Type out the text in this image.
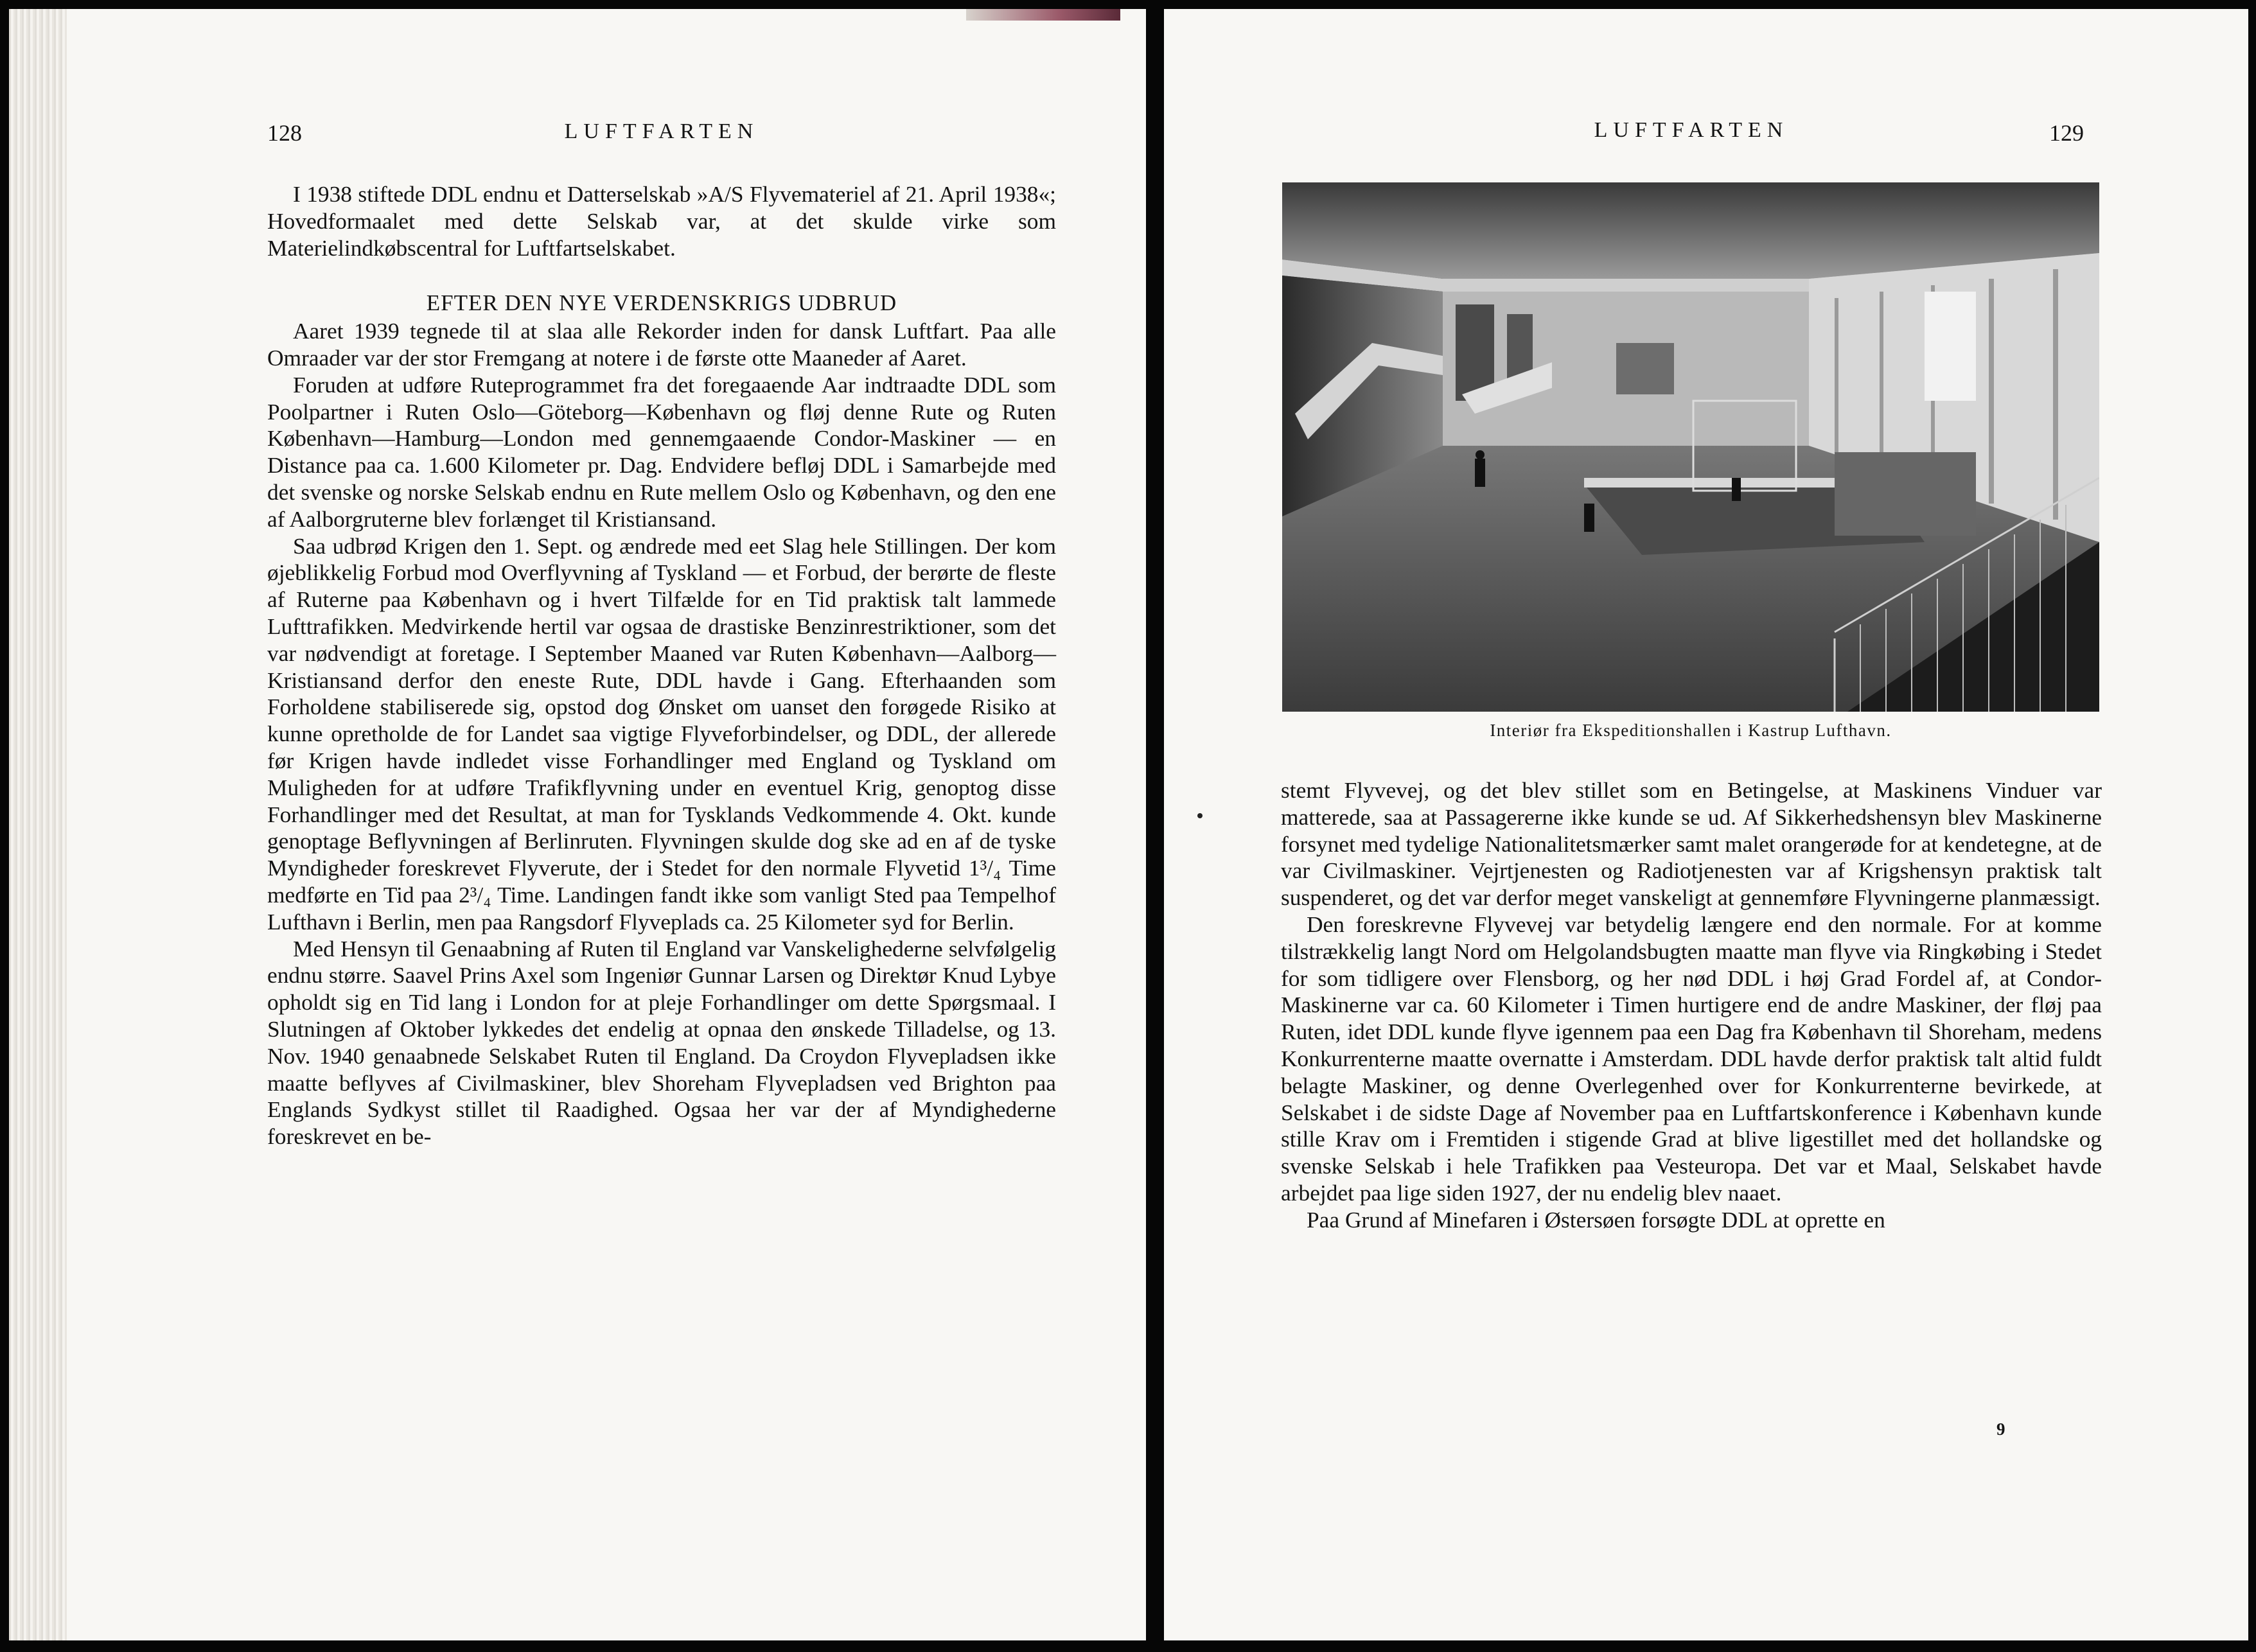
128	LUFTFARTEN

I 1938 stiftede DDL endnu et Datterselskab »A/S Flyvemateriel af 21. April 1938«; Hovedformaalet med dette Selskab var, at det skulde virke som Materielindkøbscentral for Luftfartselskabet.

EFTER DEN NYE VERDENSKRIGS UDBRUD

Aaret 1939 tegnede til at slaa alle Rekorder inden for dansk Luftfart. Paa alle Omraader var der stor Fremgang at notere i de første otte Maaneder af Aaret.

Foruden at udføre Ruteprogrammet fra det foregaaende Aar indtraadte DDL som Poolpartner i Ruten Oslo—Göteborg—København og fløj denne Rute og Ruten København—Hamburg—London med gennemgaaende Condor-Maskiner — en Distance paa ca. 1.600 Kilometer pr. Dag. Endvidere befløj DDL i Samarbejde med det svenske og norske Selskab endnu en Rute mellem Oslo og København, og den ene af Aalborgruterne blev forlænget til Kristiansand.

Saa udbrød Krigen den 1. Sept. og ændrede med eet Slag hele Stillingen. Der kom øjeblikkelig Forbud mod Overflyvning af Tyskland — et Forbud, der berørte de fleste af Ruterne paa København og i hvert Tilfælde for en Tid praktisk talt lammede Lufttrafikken. Medvirkende hertil var ogsaa de drastiske Benzinrestriktioner, som det var nødvendigt at foretage. I September Maaned var Ruten København—Aalborg—Kristiansand derfor den eneste Rute, DDL havde i Gang. Efterhaanden som Forholdene stabiliserede sig, opstod dog Ønsket om uanset den forøgede Risiko at kunne opretholde de for Landet saa vigtige Flyveforbindelser, og DDL, der allerede før Krigen havde indledet visse Forhandlinger med England og Tyskland om Muligheden for at udføre Trafikflyvning under en eventuel Krig, genoptog disse Forhandlinger med det Resultat, at man for Tysklands Vedkommende 4. Okt. kunde genoptage Beflyvningen af Berlinruten. Flyvningen skulde dog ske ad en af de tyske Myndigheder foreskrevet Flyverute, der i Stedet for den normale Flyvetid 1³/₄ Time medførte en Tid paa 2³/₄ Time. Landingen fandt ikke som vanligt Sted paa Tempelhof Lufthavn i Berlin, men paa Rangsdorf Flyveplads ca. 25 Kilometer syd for Berlin.

Med Hensyn til Genaabning af Ruten til England var Vanskelighederne selvfølgelig endnu større. Saavel Prins Axel som Ingeniør Gunnar Larsen og Direktør Knud Lybye opholdt sig en Tid lang i London for at pleje Forhandlinger om dette Spørgsmaal. I Slutningen af Oktober lykkedes det endelig at opnaa den ønskede Tilladelse, og 13. Nov. 1940 genaabnede Selskabet Ruten til England. Da Croydon Flyvepladsen ikke maatte beflyves af Civilmaskiner, blev Shoreham Flyvepladsen ved Brighton paa Englands Sydkyst stillet til Raadighed. Ogsaa her var der af Myndighederne foreskrevet en be-

LUFTFARTEN	129
Interiør fra Ekspeditionshallen i Kastrup Lufthavn.

stemt Flyvevej, og det blev stillet som en Betingelse, at Maskinens Vinduer var matterede, saa at Passagererne ikke kunde se ud. Af Sikkerhedshensyn blev Maskinerne forsynet med tydelige Nationalitetsmærker samt malet orangerøde for at kendetegne, at de var Civilmaskiner. Vejrtjenesten og Radiotjenesten var af Krigshensyn praktisk talt suspenderet, og det var derfor meget vanskeligt at gennemføre Flyvningerne planmæssigt.

Den foreskrevne Flyvevej var betydelig længere end den normale. For at komme tilstrækkelig langt Nord om Helgolandsbugten maatte man flyve via Ringkøbing i Stedet for som tidligere over Flensborg, og her nød DDL i høj Grad Fordel af, at Condor-Maskinerne var ca. 60 Kilometer i Timen hurtigere end de andre Maskiner, der fløj paa Ruten, idet DDL kunde flyve igennem paa een Dag fra København til Shoreham, medens Konkurrenterne maatte overnatte i Amsterdam. DDL havde derfor praktisk talt altid fuldt belagte Maskiner, og denne Overlegenhed over for Konkurrenterne bevirkede, at Selskabet i de sidste Dage af November paa en Luftfartskonference i København kunde stille Krav om i Fremtiden i stigende Grad at blive ligestillet med det hollandske og svenske Selskab i hele Trafikken paa Vesteuropa. Det var et Maal, Selskabet havde arbejdet paa lige siden 1927, der nu endelig blev naaet.

Paa Grund af Minefaren i Østersøen forsøgte DDL at oprette en

9
